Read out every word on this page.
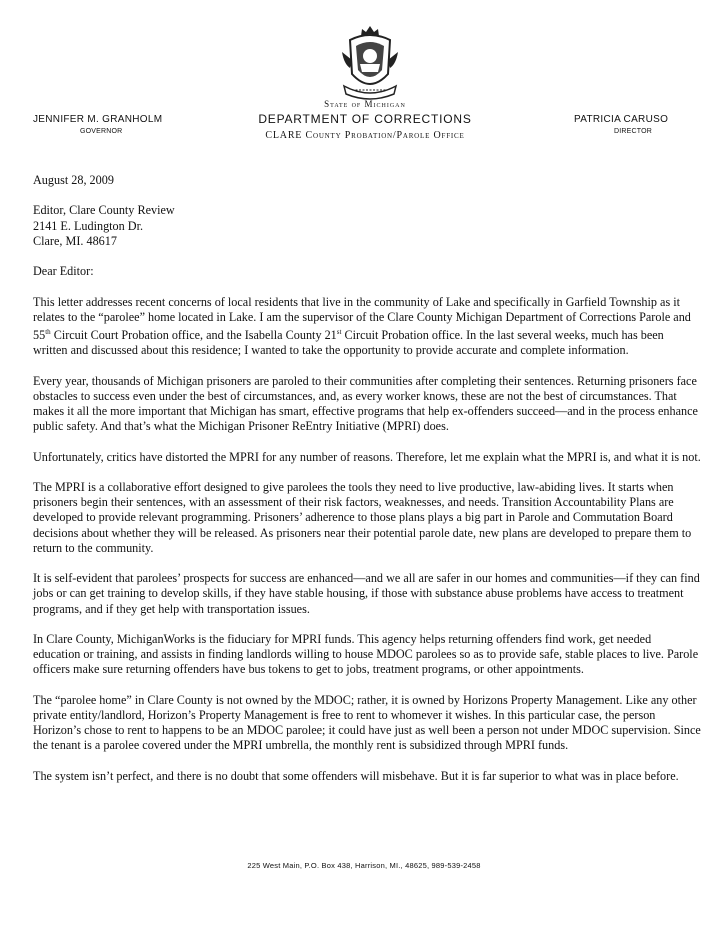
JENNIFER M. GRANHOLM
GOVERNOR
State of Michigan
DEPARTMENT OF CORRECTIONS
CLARE County Probation/Parole Office
PATRICIA CARUSO
DIRECTOR

August 28, 2009

Editor, Clare County Review
2141 E. Ludington Dr.
Clare, MI. 48617

Dear Editor:

This letter addresses recent concerns of local residents that live in the community of Lake and specifically in Garfield Township as it relates to the “parolee” home located in Lake. I am the supervisor of the Clare County Michigan Department of Corrections Parole and 55th Circuit Court Probation office, and the Isabella County 21st Circuit Probation office. In the last several weeks, much has been written and discussed about this residence; I wanted to take the opportunity to provide accurate and complete information.

Every year, thousands of Michigan prisoners are paroled to their communities after completing their sentences. Returning prisoners face obstacles to success even under the best of circumstances, and, as every worker knows, these are not the best of circumstances. That makes it all the more important that Michigan has smart, effective programs that help ex-offenders succeed—and in the process enhance public safety. And that’s what the Michigan Prisoner ReEntry Initiative (MPRI) does.

Unfortunately, critics have distorted the MPRI for any number of reasons. Therefore, let me explain what the MPRI is, and what it is not.

The MPRI is a collaborative effort designed to give parolees the tools they need to live productive, law-abiding lives. It starts when prisoners begin their sentences, with an assessment of their risk factors, weaknesses, and needs. Transition Accountability Plans are developed to provide relevant programming. Prisoners’ adherence to those plans plays a big part in Parole and Commutation Board decisions about whether they will be released. As prisoners near their potential parole date, new plans are developed to prepare them to return to the community.

It is self-evident that parolees’ prospects for success are enhanced—and we all are safer in our homes and communities—if they can find jobs or can get training to develop skills, if they have stable housing, if those with substance abuse problems have access to treatment programs, and if they get help with transportation issues.

In Clare County, MichiganWorks is the fiduciary for MPRI funds. This agency helps returning offenders find work, get needed education or training, and assists in finding landlords willing to house MDOC parolees so as to provide safe, stable places to live. Parole officers make sure returning offenders have bus tokens to get to jobs, treatment programs, or other appointments.

The “parolee home” in Clare County is not owned by the MDOC; rather, it is owned by Horizons Property Management. Like any other private entity/landlord, Horizon’s Property Management is free to rent to whomever it wishes. In this particular case, the person Horizon’s chose to rent to happens to be an MDOC parolee; it could have just as well been a person not under MDOC supervision. Since the tenant is a parolee covered under the MPRI umbrella, the monthly rent is subsidized through MPRI funds.

The system isn’t perfect, and there is no doubt that some offenders will misbehave. But it is far superior to what was in place before.

225 West Main, P.O. Box 438, Harrison, MI., 48625, 989-539-2458
